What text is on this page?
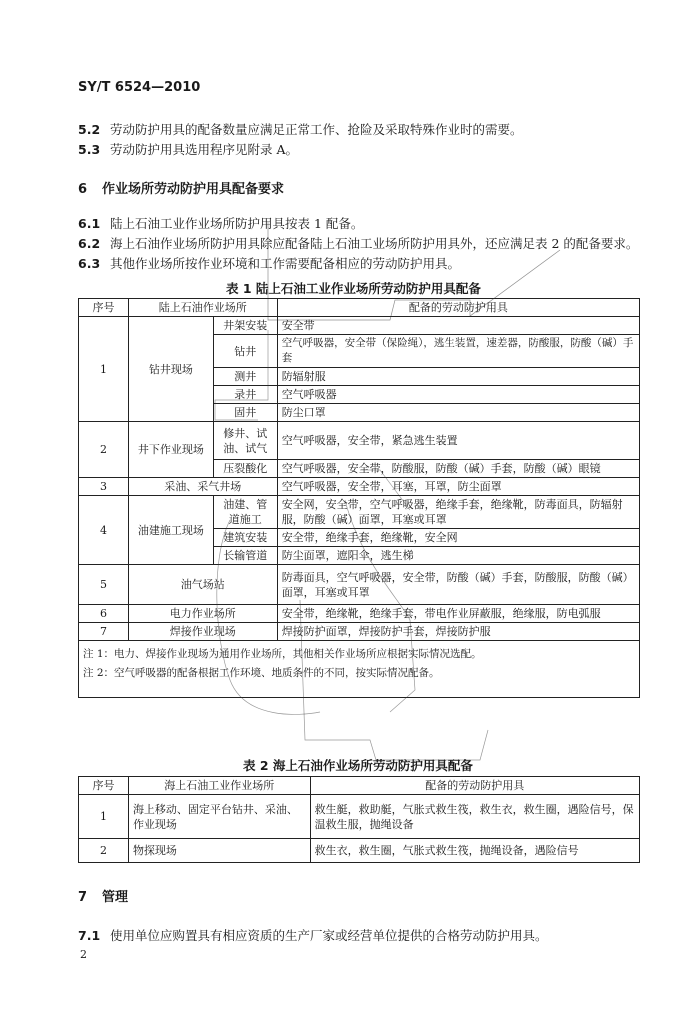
SY/T 6524—2010
5.2 劳动防护用具的配备数量应满足正常工作、抢险及采取特殊作业时的需要。
5.3 劳动防护用具选用程序见附录 A。
6 作业场所劳动防护用具配备要求
6.1 陆上石油工业作业场所防护用具按表 1 配备。
6.2 海上石油作业场所防护用具除应配备陆上石油工业场所防护用具外，还应满足表 2 的配备要求。
6.3 其他作业场所按作业环境和工作需要配备相应的劳动防护用具。
表 1 陆上石油工业作业场所劳动防护用具配备
序号	陆上石油作业场所		配备的劳动防护用具
1	钻井现场	井架安装	安全带
		钻井	空气呼吸器，安全带（保险绳），逃生装置，速差器，防酸服，防酸（碱）手套
		测井	防辐射服
		录井	空气呼吸器
		固井	防尘口罩
2	井下作业现场	修井、试油、试气	空气呼吸器，安全带，紧急逃生装置
		压裂酸化	空气呼吸器，安全带，防酸服，防酸（碱）手套，防酸（碱）眼镜
3	采油、采气井场		空气呼吸器，安全带，耳塞，耳罩，防尘面罩
4	油建施工现场	油建、管道施工	安全网，安全带，空气呼吸器，绝缘手套，绝缘靴，防毒面具，防辐射服，防酸（碱）面罩，耳塞或耳罩
		建筑安装	安全带，绝缘手套，绝缘靴，安全网
		长输管道	防尘面罩，遮阳伞，逃生梯
5	油气场站		防毒面具，空气呼吸器，安全带，防酸（碱）手套，防酸服，防酸（碱）面罩，耳塞或耳罩
6	电力作业场所		安全带，绝缘靴，绝缘手套，带电作业屏蔽服，绝缘服，防电弧服
7	焊接作业现场		焊接防护面罩，焊接防护手套，焊接防护服

注 1：电力、焊接作业现场为通用作业场所，其他相关作业场所应根据实际情况选配。
注 2：空气呼吸器的配备根据工作环境、地质条件的不同，按实际情况配备。			
表 2 海上石油作业场所劳动防护用具配备
序号	海上石油工业作业场所	配备的劳动防护用具
1	海上移动、固定平台钻井、采油、作业现场	救生艇，救助艇，气胀式救生筏，救生衣，救生圈，遇险信号，保温救生服，抛绳设备
2	物探现场	救生衣，救生圈，气胀式救生筏，抛绳设备，遇险信号
7 管理
7.1 使用单位应购置具有相应资质的生产厂家或经营单位提供的合格劳动防护用具。
2
